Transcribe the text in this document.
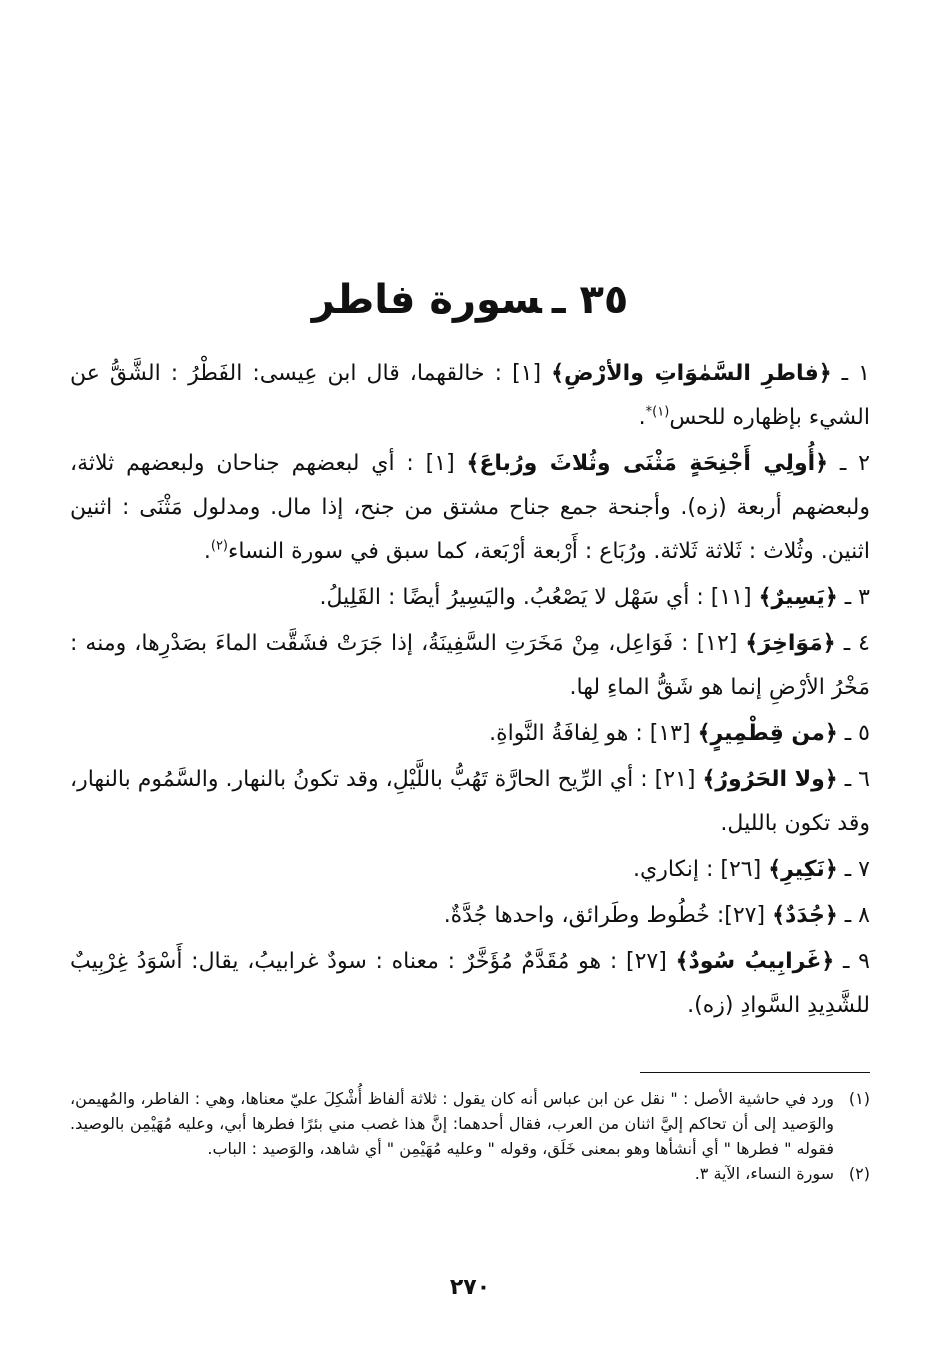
٣٥ ـسورة فاطر

١ ـ ﴿فاطرِ السَّمٰوَاتِ والأرْضِ﴾ [١] : خالقهما، قال ابن عِيسى: الفَطْرُ : الشَّقُّ عن الشيء بإظهاره للحس$^{(١)*}$.

٢ ـ ﴿أُولِي أَجْنِحَةٍ مَثْنَى وثُلاثَ ورُباعَ﴾ [١] : أي لبعضهم جناحان ولبعضهم ثلاثة، ولبعضهم أربعة (زه). وأجنحة جمع جناح مشتق من جنح، إذا مال. ومدلول مَثْنَى : اثنين اثنين. وثُلاث : ثَلاثة ثَلاثة. ورُبَاع : أَرْبعة أرْبَعة، كما سبق في سورة النساء$^{(٢)}$.

٣ ـ ﴿يَسِيرٌ﴾ [١١] : أي سَهْل لا يَصْعُبُ. واليَسِيرُ أيضًا : القَلِيلُ.

٤ ـ ﴿مَوَاخِرَ﴾ [١٢] : فَوَاعِل، مِنْ مَخَرَتِ السَّفِينَةُ، إذا جَرَتْ فشَقَّت الماءَ بصَدْرِها، ومنه : مَخْرُ الأرْضِ إنما هو شَقُّ الماءِ لها.

٥ ـ ﴿من قِطْمِيرٍ﴾ [١٣] : هو لِفافَةُ النَّواةِ.

٦ ـ ﴿ولا الحَرُورُ﴾ [٢١] : أي الرِّيح الحارَّة تَهُبُّ باللَّيْلِ، وقد تكونُ بالنهار. والسَّمُوم بالنهار، وقد تكون بالليل.

٧ ـ ﴿نَكِيرِ﴾ [٢٦] : إنكاري.

٨ ـ ﴿جُدَدٌ﴾ [٢٧]: خُطُوط وطَرائق، واحدها جُدَّةٌ.

٩ ـ ﴿غَرابِيبُ سُودٌ﴾ [٢٧] : هو مُقَدَّمٌ مُؤَخَّرٌ : معناه : سودٌ غرابيبُ، يقال: أَسْوَدُ غِرْبِيبٌ للشَّدِيدِ السَّوادِ (زه).

(١)
ورد في حاشية الأصل : " نقل عن ابن عباس أنه كان يقول : ثلاثة ألفاظ أُشْكِلَ عليّ معناها، وهي : الفاطر، والمُهيمن، والوَصيد إلى أن تحاكم إليَّ اثنان من العرب، فقال أحدهما: إنَّ هذا غصب مني بئرًا فطرها أبي، وعليه مُهَيْمِن بالوصيد. فقوله " فطرها " أي أنشأها وهو بمعنى خَلَق، وقوله " وعليه مُهَيْمِن " أي شاهد، والوَصيد : الباب.
(٢)
سورة النساء، الآية ٣.
٢٧٠
